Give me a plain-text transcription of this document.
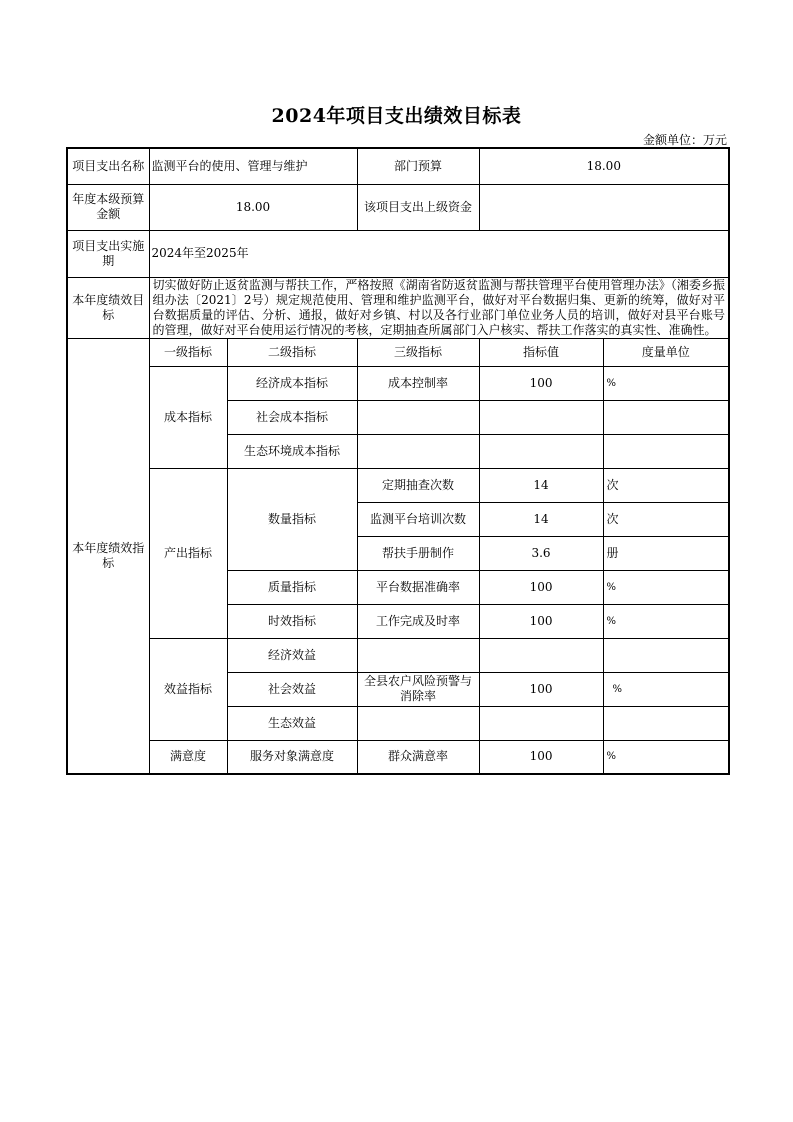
2024年项目支出绩效目标表
金额单位：万元
项目支出名称	监测平台的使用、管理与维护		部门预算	18.00	
年度本级预算金额	18.00		该项目支出上级资金		
项目支出实施期	2024年至2025年				
本年度绩效目标	切实做好防止返贫监测与帮扶工作，严格按照《湖南省防返贫监测与帮扶管理平台使用管理办法》（湘委乡振组办法〔2021〕2号）规定规范使用、管理和维护监测平台，做好对平台数据归集、更新的统筹，做好对平台数据质量的评估、分析、通报，做好对乡镇、村以及各行业部门单位业务人员的培训，做好对县平台账号的管理，做好对平台使用运行情况的考核，定期抽查所属部门入户核实、帮扶工作落实的真实性、准确性。				
本年度绩效指标	一级指标	二级指标	三级指标	指标值	度量单位
	成本指标	经济成本指标	成本控制率	100	%
		社会成本指标			
		生态环境成本指标			
	产出指标	数量指标	定期抽查次数	14	次
			监测平台培训次数	14	次
			帮扶手册制作	3.6	册
		质量指标	平台数据准确率	100	%
		时效指标	工作完成及时率	100	%
	效益指标	经济效益			
		社会效益	全县农户风险预警与消除率	100	%
		生态效益			
	满意度	服务对象满意度	群众满意率	100	%
